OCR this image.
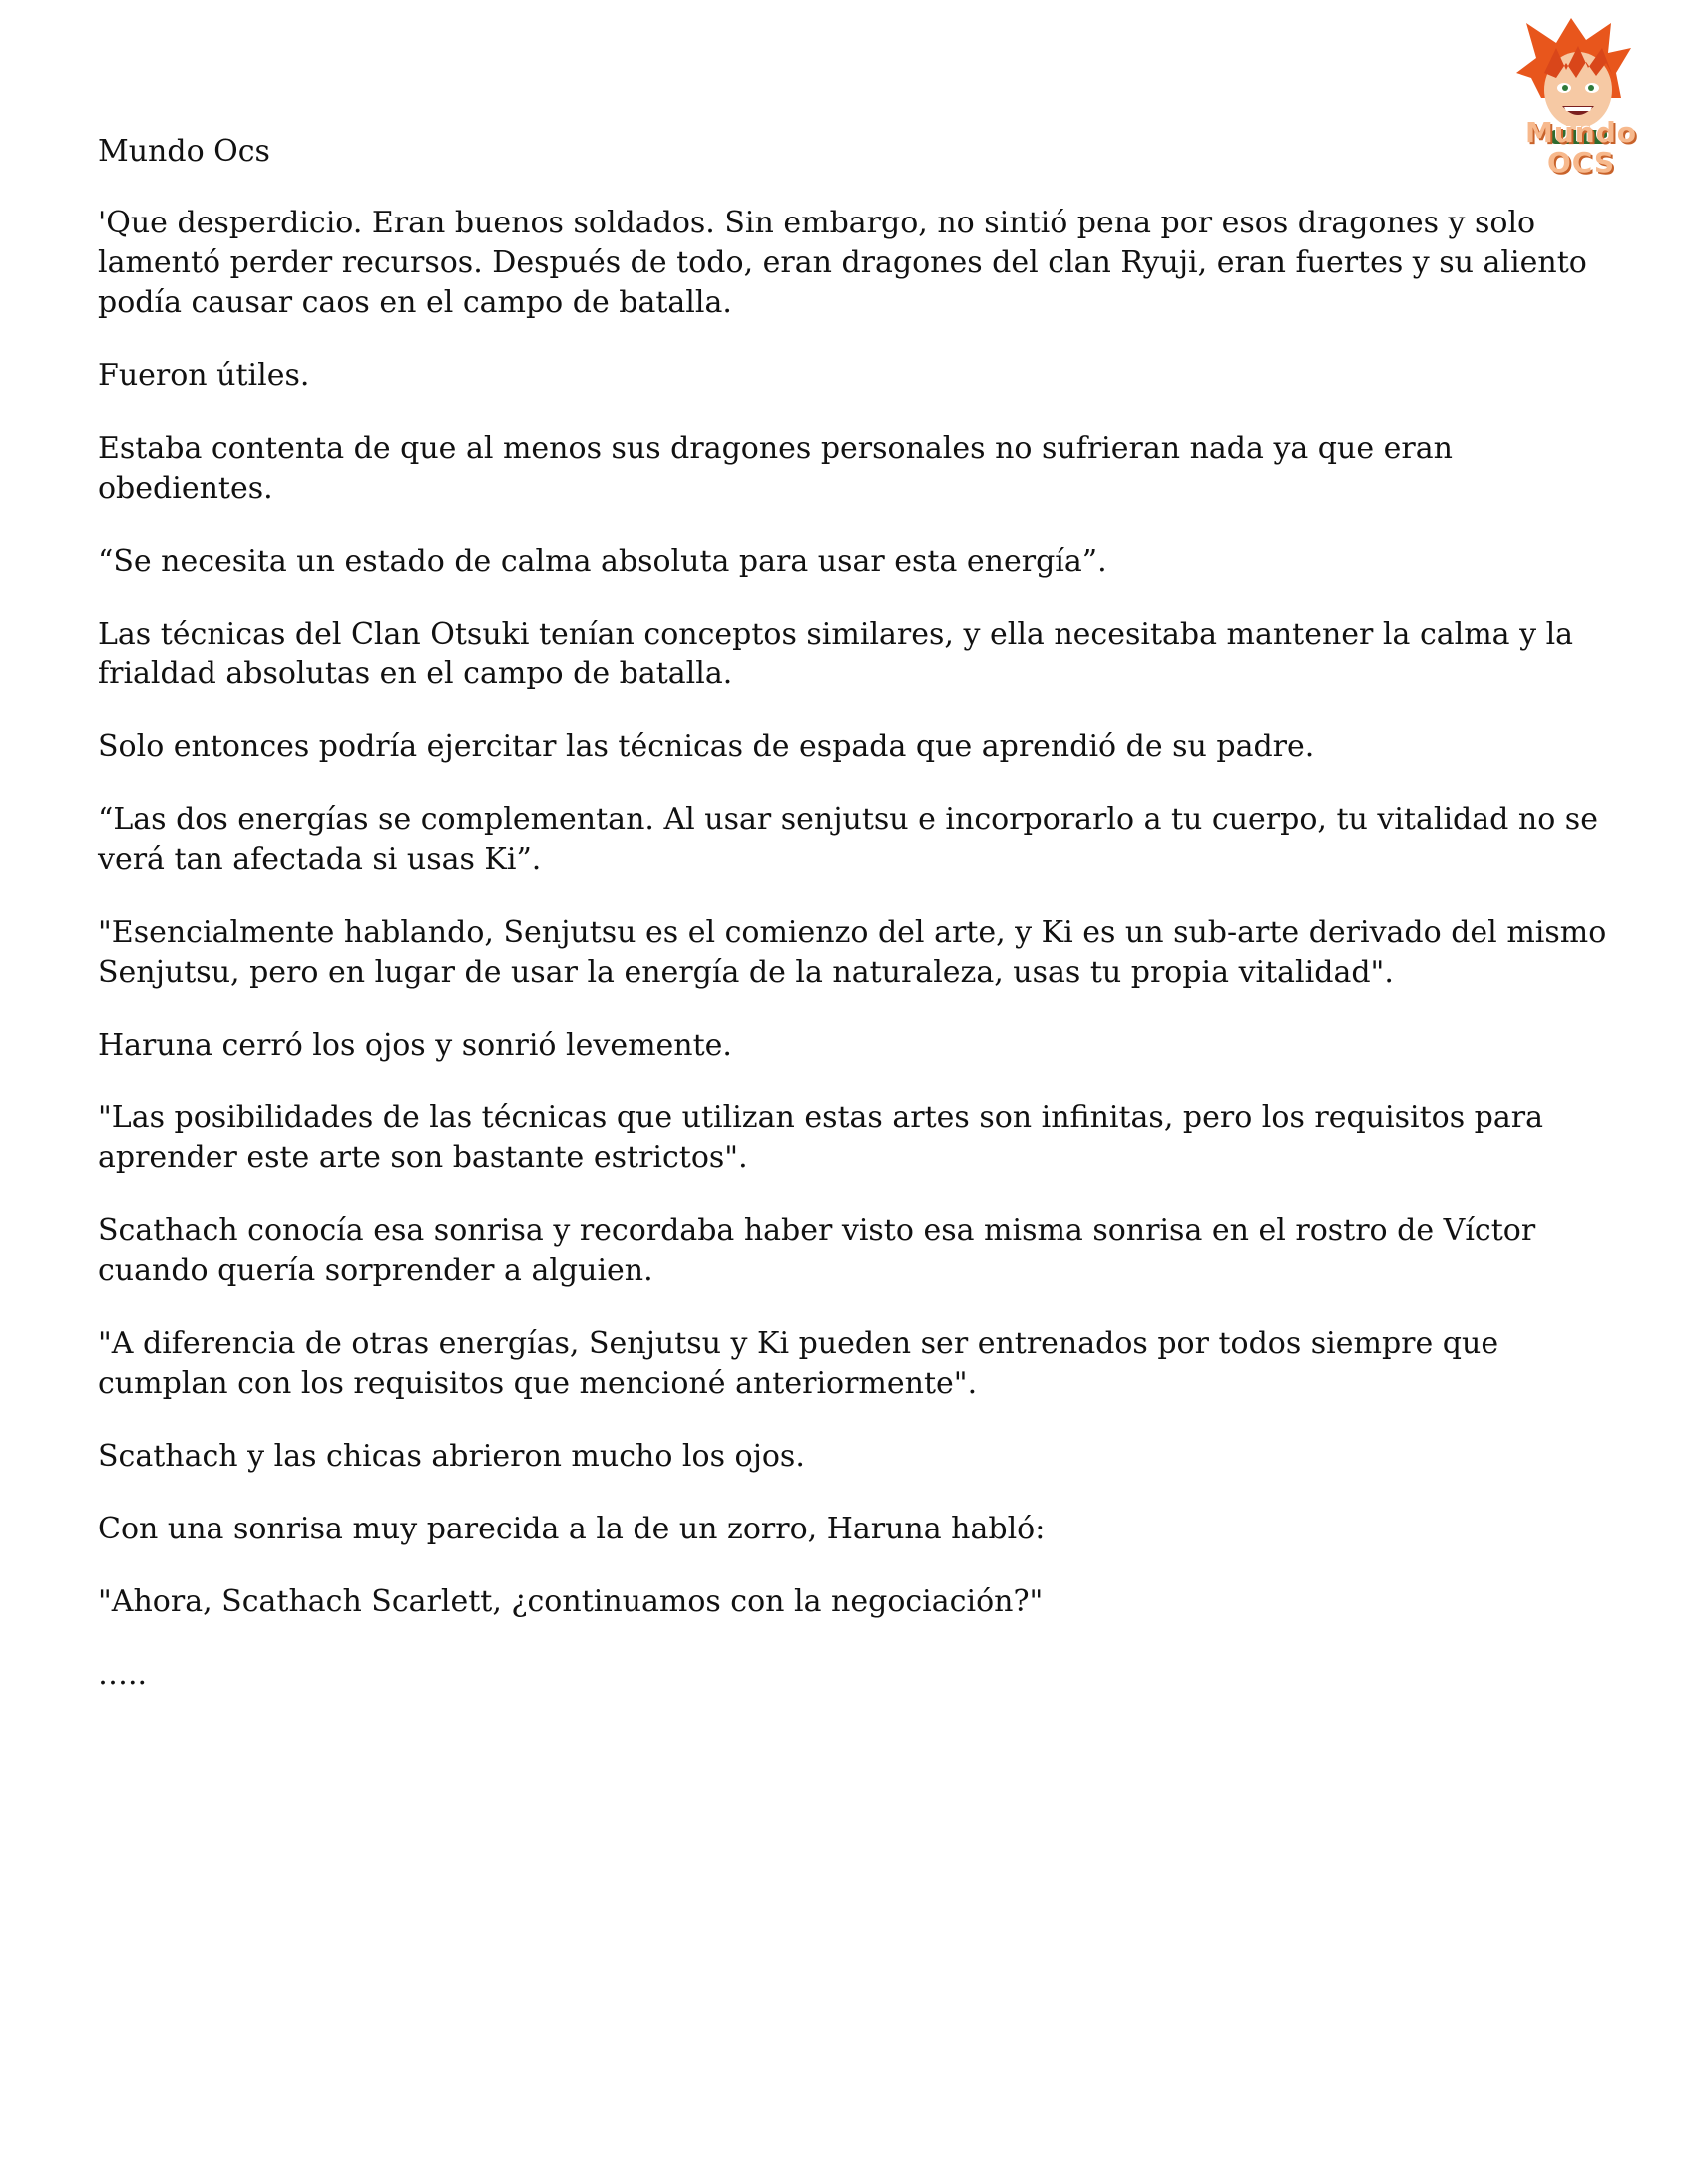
Mundo OCS
Mundo Ocs

'Que desperdicio. Eran buenos soldados. Sin embargo, no sintió pena por esos dragones y solo lamentó perder recursos. Después de todo, eran dragones del clan Ryuji, eran fuertes y su aliento podía causar caos en el campo de batalla.

Fueron útiles.

Estaba contenta de que al menos sus dragones personales no sufrieran nada ya que eran obedientes.

“Se necesita un estado de calma absoluta para usar esta energía”.

Las técnicas del Clan Otsuki tenían conceptos similares, y ella necesitaba mantener la calma y la frialdad absolutas en el campo de batalla.

Solo entonces podría ejercitar las técnicas de espada que aprendió de su padre.

“Las dos energías se complementan. Al usar senjutsu e incorporarlo a tu cuerpo, tu vitalidad no se verá tan afectada si usas Ki”.

"Esencialmente hablando, Senjutsu es el comienzo del arte, y Ki es un sub-arte derivado del mismo Senjutsu, pero en lugar de usar la energía de la naturaleza, usas tu propia vitalidad".

Haruna cerró los ojos y sonrió levemente.

"Las posibilidades de las técnicas que utilizan estas artes son infinitas, pero los requisitos para aprender este arte son bastante estrictos".

Scathach conocía esa sonrisa y recordaba haber visto esa misma sonrisa en el rostro de Víctor cuando quería sorprender a alguien.

"A diferencia de otras energías, Senjutsu y Ki pueden ser entrenados por todos siempre que cumplan con los requisitos que mencioné anteriormente".

Scathach y las chicas abrieron mucho los ojos.

Con una sonrisa muy parecida a la de un zorro, Haruna habló:

"Ahora, Scathach Scarlett, ¿continuamos con la negociación?"

…..
